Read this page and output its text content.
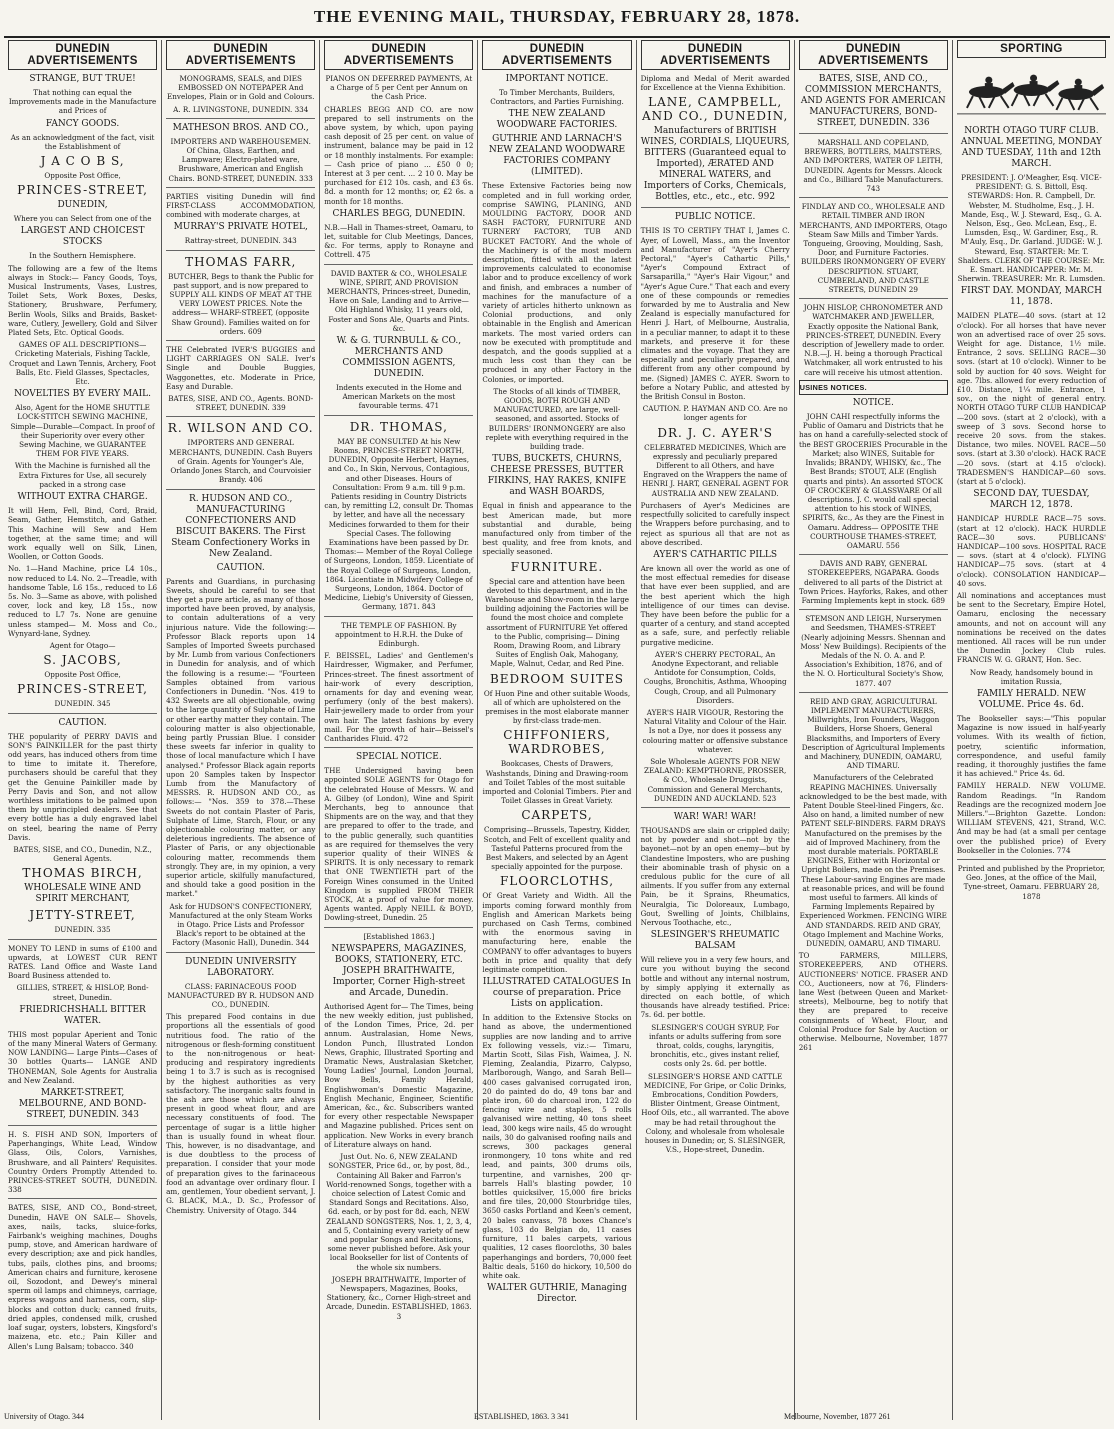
THE EVENING MAIL, THURSDAY, FEBRUARY 28, 1878.
DUNEDIN ADVERTISEMENTS
STRANGE, BUT TRUE!
That nothing can equal the Improvements made in the Manufacture and Prices of
FANCY GOODS.
As an acknowledgment of the fact, visit the Establishment of
J A C O B S,
Opposite Post Office,
PRINCES-STREET,
DUNEDIN,
Where you can Select from one of the
LARGEST AND CHOICEST STOCKS
In the Southern Hemisphere.
The following are a few of the Items always in Stock:— Fancy Goods, Toys, Musical Instruments, Vases, Lustres, Toilet Sets, Work Boxes, Desks, Stationery, Brushware, Perfumery, Berlin Wools, Silks and Braids, Basket-ware, Cutlery, Jewellery, Gold and Silver Plated Sets, Etc. Optical Goods.
GAMES OF ALL DESCRIPTIONS— Cricketing Materials, Fishing Tackle, Croquet and Lawn Tennis, Archery, Foot Balls, Etc. Field Glasses, Spectacles, Etc.
NOVELTIES BY EVERY MAIL.
Also, Agent for the HOME SHUTTLE LOCK-STITCH SEWING MACHINE, Simple—Durable—Compact. In proof of their Superiority over every other Sewing Machine, we GUARANTEE THEM FOR FIVE YEARS.
With the Machine is furnished all the Extra Fixtures for Use, all securely packed in a strong case
WITHOUT EXTRA CHARGE.
It will Hem, Fell, Bind, Cord, Braid, Seam, Gather, Hemstitch, and Gather. This Machine will Sew and Hem together, at the same time; and will work equally well on Silk, Linen, Woollen, or Cotton Goods.
No. 1—Hand Machine, price L4 10s., now reduced to L4. No. 2—Treadle, with handsome Table, L6 15s., reduced to L6 5s. No. 3—Same as above, with polished cover, lock and key, L8 15s., now reduced to L7 7s. None are genuine unless stamped— M. Moss and Co., Wynyard-lane, Sydney.
Agent for Otago—
S. JACOBS,
Opposite Post Office,
PRINCES-STREET,
DUNEDIN. 345
CAUTION.
THE popularity of PERRY DAVIS and SON'S PAINKILLER for the past thirty odd years, has induced others from time to time to imitate it. Therefore, purchasers should be careful that they get the Genuine Painkiller made by Perry Davis and Son, and not allow worthless imitations to be palmed upon them by unprincipled dealers. See that every bottle has a duly engraved label on steel, bearing the name of Perry Davis.
BATES, SISE, and CO., Dunedin, N.Z., General Agents.
THOMAS BIRCH,
WHOLESALE WINE AND SPIRIT MERCHANT,
JETTY-STREET,
DUNEDIN. 335
MONEY TO LEND in sums of £100 and upwards, at LOWEST CUR RENT RATES. Land Office and Waste Land Board Business attended to.
GILLIES, STREET, & HISLOP, Bond-street, Dunedin.
FRIEDRICHSHALL BITTER WATER.
THIS most popular Aperient and Tonic of the many Mineral Waters of Germany. NOW LANDING— Large Pints—Cases of 30 bottles Quarts— LANGE AND THONEMAN, Sole Agents for Australia and New Zealand.
MARKET-STREET, MELBOURNE, AND BOND-STREET, DUNEDIN. 343
H. S. FISH AND SON, Importers of Paperhangings, White Lead, Window Glass, Oils, Colors, Varnishes, Brushware, and all Painters' Requisites. Country Orders Promptly Attended to. PRINCES-STREET SOUTH, DUNEDIN. 338
BATES, SISE, AND CO., Bond-street, Dunedin, HAVE ON SALE— Shovels, axes, nails, tacks, sluice-forks, Fairbank's weighing machines, Doughs pump, stove, and American hardware of every description; axe and pick handles, tubs, pails, clothes pins, and brooms; American chairs and furniture, kerosene oil, Sozodont, and Dewey's mineral sperm oil lamps and chimneys, carriage, express wagons and harness, corn, slip-blocks and cotton duck; canned fruits, dried apples, condensed milk, crushed loaf sugar, oysters, lobsters, Kingsford's maizena, etc. etc.; Pain Killer and Allen's Lung Balsam; tobacco. 340
DUNEDIN ADVERTISEMENTS
MONOGRAMS, SEALS, and DIES EMBOSSED ON NOTEPAPER And Envelopes, Plain or in Gold and Colours.
A. R. LIVINGSTONE, DUNEDIN. 334
MATHESON BROS. AND CO.,
IMPORTERS AND WAREHOUSEMEN. Of China, Glass, Earthen, and Lampware; Electro-plated ware, Brushware, American and English Chairs. BOND-STREET, DUNEDIN. 333
PARTIES visiting Dunedin will find FIRST-CLASS ACCOMMODATION, combined with moderate charges, at
MURRAY'S PRIVATE HOTEL,
Rattray-street, DUNEDIN. 343
THOMAS FARR,
BUTCHER, Begs to thank the Public for past support, and is now prepared to SUPPLY ALL KINDS OF MEAT AT THE VERY LOWEST PRICES. Note the address— WHARF-STREET, (opposite Shaw Ground). Families waited on for orders. 609
THE Celebrated IVER'S BUGGIES and LIGHT CARRIAGES ON SALE. Iver's Single and Double Buggies, Waggonettes, etc. Moderate in Price, Easy and Durable.
BATES, SISE, AND CO., Agents. BOND-STREET, DUNEDIN. 339
R. WILSON AND CO.
IMPORTERS AND GENERAL MERCHANTS, DUNEDIN. Cash Buyers of Grain. Agents for Younger's Ale, Orlando Jones Starch, and Courvoisier Brandy. 406
R. HUDSON AND CO., MANUFACTURING CONFECTIONERS AND BISCUIT BAKERS. The First Steam Confectionery Works in New Zealand.
CAUTION.
Parents and Guardians, in purchasing Sweets, should be careful to see that they get a pure article, as many of those imported have been proved, by analysis, to contain adulterations of a very injurious nature. Vide the following:— Professor Black reports upon 14 Samples of Imported Sweets purchased by Mr. Lumb from various Confectioners in Dunedin for analysis, and of which the following is a resume:— "Fourteen Samples obtained from various Confectioners in Dunedin. "Nos. 419 to 432 Sweets are all objectionable, owing to the large quantity of Sulphate of Lime or other earthy matter they contain. The colouring matter is also objectionable, being partly Prussian Blue. I consider these sweets far inferior in quality to those of local manufacture which I have analysed." Professor Black again reports upon 20 Samples taken by Inspector Lumb from the Manufactory of MESSRS. R. HUDSON AND CO., as follows:— "Nos. 359 to 378.—These Sweets do not contain Plaster of Paris, Sulphate of Lime, Starch, Flour, or any objectionable colouring matter, or any deleterious ingredients. The absence of Plaster of Paris, or any objectionable colouring matter, recommends them strongly. They are, in my opinion, a very superior article, skilfully manufactured, and should take a good position in the market."
Ask for HUDSON'S CONFECTIONERY, Manufactured at the only Steam Works in Otago. Price Lists and Professor Black's report to be obtained at the Factory (Masonic Hall), Dunedin. 344
DUNEDIN UNIVERSITY LABORATORY.
CLASS: FARINACEOUS FOOD MANUFACTURED BY R. HUDSON AND CO., DUNEDIN.
This prepared Food contains in due proportions all the essentials of good nutritious food. The ratio of the nitrogenous or flesh-forming constituent to the non-nitrogenous or heat-producing and respiratory ingredients being 1 to 3.7 is such as is recognised by the highest authorities as very satisfactory. The inorganic salts found in the ash are those which are always present in good wheat flour, and are necessary constituents of food. The percentage of sugar is a little higher than is usually found in wheat flour. This, however, is no disadvantage, and is due doubtless to the process of preparation. I consider that your mode of preparation gives to the farinaceous food an advantage over ordinary flour. I am, gentlemen, Your obedient servant, J. G. BLACK, M.A., D. Sc., Professor of Chemistry. University of Otago. 344
DUNEDIN ADVERTISEMENTS
PIANOS ON DEFERRED PAYMENTS, At a Charge of 5 per Cent per Annum on the Cash Price.
CHARLES BEGG AND CO. are now prepared to sell instruments on the above system, by which, upon paying cash deposit of 25 per cent. on value of instrument, balance may be paid in 12 or 18 monthly instalments. For example:— Cash price of piano ... £50 0 0; Interest at 3 per cent. ... 2 10 0. May be purchased for £12 10s. cash, and £3 6s. 8d. a month for 12 months; or, £2 6s. a month for 18 months.
CHARLES BEGG, DUNEDIN.
N.B.—Hall in Thames-street, Oamaru, to let, suitable for Club Meetings, Dances, &c. For terms, apply to Ronayne and Cottrell. 475
DAVID BAXTER & CO., WHOLESALE WINE, SPIRIT, AND PROVISION MERCHANTS, Princes-street, Dunedin, Have on Sale, Landing and to Arrive— Old Highland Whisky, 11 years old, Foster and Sons Ale, Quarts and Pints. &c.
W. & G. TURNBULL & CO., MERCHANTS AND COMMISSION AGENTS, DUNEDIN.
Indents executed in the Home and American Markets on the most favourable terms. 471
DR. THOMAS,
MAY BE CONSULTED At his New Rooms, PRINCES-STREET NORTH, DUNEDIN, Opposite Herbert, Haynes, and Co., In Skin, Nervous, Contagious, and other Diseases. Hours of Consultation: From 9 a.m. till 9 p.m. Patients residing in Country Districts can, by remitting L2, consult Dr. Thomas by letter, and have all the necessary Medicines forwarded to them for their Special Cases. The following Examinations have been passed by Dr. Thomas:— Member of the Royal College of Surgeons, London, 1859. Licentiate of the Royal College of Surgeons, London, 1864. Licentiate in Midwifery College of Surgeons, London, 1864. Doctor of Medicine, Liebig's University of Giessen, Germany, 1871. 843
THE TEMPLE OF FASHION. By appointment to H.R.H. the Duke of Edinburgh.
F. BEISSEL, Ladies' and Gentlemen's Hairdresser, Wigmaker, and Perfumer, Princes-street. The finest assortment of hair-work of every description, ornaments for day and evening wear, perfumery (only of the best makers). Hair-jewellery made to order from your own hair. The latest fashions by every mail. For the growth of hair—Beissel's Cantharides Fluid. 472
SPECIAL NOTICE.
THE Undersigned having been appointed SOLE AGENTS for Otago for the celebrated House of Messrs. W. and A. Gilbey (of London), Wine and Spirit Merchants, beg to announce that Shipments are on the way, and that they are prepared to offer to the trade, and to the public generally, such quantities as are required for themselves the very superior quality of their WINES & SPIRITS. It is only necessary to remark that ONE TWENTIETH part of the Foreign Wines consumed in the United Kingdom is supplied FROM THEIR STOCK, At a proof of value for money. Agents wanted. Apply NEILL & BOYD, Dowling-street, Dunedin. 25
[Established 1863.]
NEWSPAPERS, MAGAZINES, BOOKS, STATIONERY, ETC. JOSEPH BRAITHWAITE, Importer, Corner High-street and Arcade, Dunedin.
Authorised Agent for— The Times, being the new weekly edition, just published, of the London Times, Price, 2d. per annum. Australasian, Home News, London Punch, Illustrated London News, Graphic, Illustrated Sporting and Dramatic News, Australasian Sketcher, Young Ladies' Journal, London Journal, Bow Bells, Family Herald, Englishwoman's Domestic Magazine, English Mechanic, Engineer, Scientific American, &c., &c. Subscribers wanted for every other respectable Newspaper and Magazine published. Prices sent on application. New Works in every branch of Literature always on hand.
Just Out. No. 6, NEW ZEALAND SONGSTER, Price 6d., or, by post, 8d., Containing All Baker and Farron's World-renowned Songs, together with a choice selection of Latest Comic and Standard Songs and Recitations. Also, 6d. each, or by post for 8d. each, NEW ZEALAND SONGSTERS, Nos. 1, 2, 3, 4, and 5, Containing every variety of new and popular Songs and Recitations, some never published before. Ask your local Bookseller for list of Contents of the whole six numbers.
JOSEPH BRAITHWAITE, Importer of Newspapers, Magazines, Books, Stationery, &c., Corner High-street and Arcade, Dunedin. ESTABLISHED, 1863. 3
DUNEDIN ADVERTISEMENTS
IMPORTANT NOTICE.
To Timber Merchants, Builders, Contractors, and Parties Furnishing.
THE NEW ZEALAND WOODWARE FACTORIES.
GUTHRIE AND LARNACH'S NEW ZEALAND WOODWARE FACTORIES COMPANY (LIMITED).
These Extensive Factories being now completed and in full working order, comprise SAWING, PLANING, AND MOULDING FACTORY, DOOR AND SASH FACTORY, FURNITURE AND TURNERY FACTORY, TUB AND BUCKET FACTORY. And the whole of the Machinery is of the most modern description, fitted with all the latest improvements calculated to economise labor and to produce excellency of work and finish, and embraces a number of machines for the manufacture of a variety of articles hitherto unknown as Colonial productions, and only obtainable in the English and American markets. The most varied orders can now be executed with promptitude and despatch, and the goods supplied at a much less cost than they can be produced in any other Factory in the Colonies, or imported.
The Stocks of all kinds of TIMBER, GOODS, BOTH ROUGH AND MANUFACTURED, are large, well-seasoned, and assorted. Stocks of BUILDERS' IRONMONGERY are also replete with everything required in the building trade.
TUBS, BUCKETS, CHURNS, CHEESE PRESSES, BUTTER FIRKINS, HAY RAKES, KNIFE and WASH BOARDS,
Equal in finish and appearance to the best American made, but more substantial and durable, being manufactured only from timber of the best quality, and free from knots, and specially seasoned.
FURNITURE.
Special care and attention have been devoted to this department, and in the Warehouse and Show-room in the large building adjoining the Factories will be found the most choice and complete assortment of FURNITURE Yet offered to the Public, comprising— Dining Room, Drawing Room, and Library Suites of English Oak, Mahogany, Maple, Walnut, Cedar, and Red Pine.
BEDROOM SUITES
Of Huon Pine and other suitable Woods, all of which are upholstered on the premises in the most elaborate manner by first-class trade-men.
CHIFFONIERS, WARDROBES,
Bookcases, Chests of Drawers, Washstands, Dining and Drawing-room and Toilet Tables of the most suitable imported and Colonial Timbers. Pier and Toilet Glasses in Great Variety.
CARPETS,
Comprising—Brussels, Tapestry, Kidder, Scotch, and Felt of excellent quality and Tasteful Patterns procured from the Best Makers, and selected by an Agent specially appointed for the purpose.
FLOORCLOTHS,
Of Great Variety and Width. All the imports coming forward monthly from English and American Markets being purchased on Cash Terms, combined with the enormous saving in manufacturing here, enable the COMPANY to offer advantages to buyers both in price and quality that defy legitimate competition.
ILLUSTRATED CATALOGUES In course of preparation. Price Lists on application.
In addition to the Extensive Stocks on hand as above, the undermentioned supplies are now landing and to arrive Ex following vessels, viz.:— Timaru, Martin Scott, Silas Fish, Waimea, J. N. Fleming, Zealandia, Pizarro, Calypso, Marlborough, Wango, and Sarah Bell— 400 cases galvanised corrugated iron, 20 do painted do do, 49 tons bar and plate iron, 60 do charcoal iron, 122 do fencing wire and staples, 5 rolls galvanised wire netting, 40 tons sheet lead, 300 kegs wire nails, 45 do wrought nails, 30 do galvanised roofing nails and screws, 300 packages general ironmongery, 10 tons white and red lead, and paints, 300 drums oils, turpentine, and varnishes, 200 qr-barrels Hall's blasting powder, 10 bottles quicksilver, 15,000 fire bricks and fire tiles, 20,000 Stourbridge tiles, 3650 casks Portland and Keen's cement, 20 bales canvass, 78 boxes Chance's glass, 103 do Belgian do, 11 cases furniture, 11 bales carpets, various qualities, 12 cases floorcloths, 30 bales paperhangings and borders, 70,000 feet Baltic deals, 5160 do hickory, 10,500 do white oak.
WALTER GUTHRIE, Managing Director.
DUNEDIN ADVERTISEMENTS
Diploma and Medal of Merit awarded for Excellence at the Vienna Exhibition.
LANE, CAMPBELL, AND CO., DUNEDIN,
Manufacturers of BRITISH WINES, CORDIALS, LIQUEURS, BITTERS (Guaranteed equal to Imported), ÆRATED AND MINERAL WATERS, and Importers of Corks, Chemicals, Bottles, etc., etc., etc. 992
PUBLIC NOTICE.
THIS IS TO CERTIFY THAT I, James C. Ayer, of Lowell, Mass., am the Inventor and Manufacturer of "Ayer's Cherry Pectoral," "Ayer's Cathartic Pills," "Ayer's Compound Extract of Sarsaparilla," "Ayer's Hair Vigour," and "Ayer's Ague Cure." That each and every one of these compounds or remedies forwarded by me to Australia and New Zealand is especially manufactured for Henri J. Hart, of Melbourne, Australia, in a peculiar manner, to adapt it to these markets, and preserve it for these climates and the voyage. That they are especially and peculiarly prepared, and different from any other compound by me. (Signed) JAMES C. AYER. Sworn to before a Notary Public, and attested by the British Consul in Boston.
CAUTION. P. HAYMAN AND CO. Are no longer agents for
DR. J. C. AYER'S
CELEBRATED MEDICINES, Which are expressly and peculiarly prepared Different to all Others, and have Engraved on the Wrappers the name of HENRI J. HART, GENERAL AGENT FOR AUSTRALIA AND NEW ZEALAND.
Purchasers of Ayer's Medicines are respectfully solicited to carefully inspect the Wrappers before purchasing, and to reject as spurious all that are not as above described.
AYER'S CATHARTIC PILLS
Are known all over the world as one of the most effectual remedies for disease that have ever been supplied, and are the best aperient which the high intelligence of our times can devise. They have been before the public for a quarter of a century, and stand accepted as a safe, sure, and perfectly reliable purgative medicine.
AYER'S CHERRY PECTORAL, An Anodyne Expectorant, and reliable Antidote for Consumption, Colds, Coughs, Bronchitis, Asthma, Whooping Cough, Croup, and all Pulmonary Disorders.
AYER'S HAIR VIGOUR, Restoring the Natural Vitality and Colour of the Hair. Is not a Dye, nor does it possess any colouring matter or offensive substance whatever.
Sole Wholesale AGENTS FOR NEW ZEALAND: KEMPTHORNE, PROSSER, & CO., Wholesale Druggists, Commission and General Merchants, DUNEDIN AND AUCKLAND. 523
WAR! WAR! WAR!
THOUSANDS are slain or crippled daily; not by powder and shot—not by the bayonet—not by an open enemy—but by Clandestine Imposters, who are pushing their abominable trash of physic on a credulous public for the cure of all ailments. If you suffer from any external Pain, be it Sprains, Rheumatics, Neuralgia, Tic Doloreaux, Lumbago, Gout, Swelling of Joints, Chilblains, Nervous Toothache, etc.,
SLESINGER'S RHEUMATIC BALSAM
Will relieve you in a very few hours, and cure you without buying the second bottle and without any internal nostrum, by simply applying it externally as directed on each bottle, of which thousands have already testified. Price: 7s. 6d. per bottle.
SLESINGER'S COUGH SYRUP, For infants or adults suffering from sore throat, colds, coughs, laryngitis, bronchitis, etc., gives instant relief, costs only 2s. 6d. per bottle.
SLESINGER'S HORSE AND CATTLE MEDICINE, For Gripe, or Colic Drinks, Embrocations, Condition Powders, Blister Ointment, Grease Ointment, Hoof Oils, etc., all warranted. The above may be had retail throughout the Colony, and wholesale from wholesale houses in Dunedin; or, S. SLESINGER, V.S., Hope-street, Dunedin.
DUNEDIN ADVERTISEMENTS
BATES, SISE, AND CO., COMMISSION MERCHANTS, AND AGENTS FOR AMERICAN MANUFACTURERS, BOND-STREET, DUNEDIN. 336
MARSHALL AND COPELAND, BREWERS, BOTTLERS, MALTSTERS, AND IMPORTERS, WATER OF LEITH, DUNEDIN. Agents for Messrs. Alcock and Co., Billiard Table Manufacturers. 743
FINDLAY AND CO., WHOLESALE AND RETAIL TIMBER AND IRON MERCHANTS, AND IMPORTERS, Otago Steam Saw Mills and Timber Yards. Tongueing, Grooving, Moulding, Sash, Door, and Furniture Factories. BUILDERS IRONMONGERY OF EVERY DESCRIPTION. STUART, CUMBERLAND, AND CASTLE STREETS, DUNEDIN 29
JOHN HISLOP, CHRONOMETER AND WATCHMAKER AND JEWELLER, Exactly opposite the National Bank, PRINCES-STREET, DUNEDIN. Every description of Jewellery made to order. N.B.—J. H. being a thorough Practical Watchmaker, all work entrusted to his care will receive his utmost attention.
USINES NOTICES.
NOTICE.
JOHN CAHI respectfully informs the Public of Oamaru and Districts that he has on hand a carefully-selected stock of the BEST GROCERIES Procurable in the Market; also WINES, Suitable for Invalids; BRANDY, WHISKY, &c., The Best Brands; STOUT, ALE (English quarts and pints). An assorted STOCK OF CROCKERY & GLASSWARE Of all descriptions. J. C. would call special attention to his stock of WINES, SPIRITS, &c., As they are the Finest in Oamaru. Address— OPPOSITE THE COURTHOUSE THAMES-STREET, OAMARU. 556
DAVIS AND RABY, GENERAL STOREKEEPERS, NGAPARA. Goods delivered to all parts of the District at Town Prices. Hayforks, Rakes, and other Farming Implements kept in stock. 689
STEMSON AND LEIGH, Nurserymen and Seedsmen, THAMES-STREET (Nearly adjoining Messrs. Shennan and Moss' New Buildings). Recipients of the Medals of the N. O. A. and P. Association's Exhibition, 1876, and of the N. O. Horticultural Society's Show, 1877. 407
REID AND GRAY, AGRICULTURAL IMPLEMENT MANUFACTURERS, Millwrights, Iron Founders, Waggon Builders, Horse Shoers, General Blacksmiths, and Importers of Every Description of Agricultural Implements and Machinery, DUNEDIN, OAMARU, AND TIMARU.
Manufacturers of the Celebrated REAPING MACHINES. Universally acknowledged to be the best made, with Patent Double Steel-lined Fingers, &c. Also on hand, a limited number of new PATENT SELF-BINDERS. FARM DRAYS Manufactured on the premises by the aid of Improved Machinery, from the most durable materials. PORTABLE ENGINES, Either with Horizontal or Upright Boilers, made on the Premises. These Labour-saving Engines are made at reasonable prices, and will be found most useful to farmers. All kinds of Farming Implements Repaired by Experienced Workmen. FENCING WIRE AND STANDARDS. REID AND GRAY, Otago Implement and Machine Works, DUNEDIN, OAMARU, AND TIMARU.
TO FARMERS, MILLERS, STOREKEEPERS, AND OTHERS. AUCTIONEERS' NOTICE. FRASER AND CO., Auctioneers, now at 76, Flinders-lane West (between Queen and Market-streets), Melbourne, beg to notify that they are prepared to receive consignments of Wheat, Flour, and Colonial Produce for Sale by Auction or otherwise. Melbourne, November, 1877 261
SPORTING
NORTH OTAGO TURF CLUB. ANNUAL MEETING, MONDAY AND TUESDAY, 11th and 12th MARCH.
PRESIDENT: J. O'Meagher, Esq. VICE-PRESIDENT: G. S. Bittoll, Esq. STEWARDS: Hon. R. Campbell, Dr. Webster, M. Studholme, Esq., J. H. Mande, Esq., W. J. Steward, Esq., G. A. Nelson, Esq., Geo. McLean, Esq., E. Lumsden, Esq., W. Gardiner, Esq., R. M'Auly, Esq., Dr. Garland. JUDGE: W. J. Steward, Esq. STARTER: Mr. T. Shalders. CLERK OF THE COURSE: Mr. E. Smart. HANDICAPPER: Mr. M. Sherwin. TREASURER: Mr. R. Lumsden.
FIRST DAY. MONDAY, MARCH 11, 1878.
MAIDEN PLATE—40 sovs. (start at 12 o'clock). For all horses that have never won an advertised race of over 25 sovs. Weight for age. Distance, 1½ mile. Entrance, 2 sovs. SELLING RACE—30 sovs. (start at 10 o'clock). Winner to be sold by auction for 40 sovs. Weight for age. 7lbs. allowed for every reduction of £10. Distance, 1¼ mile. Entrance, 1 sov., on the night of general entry. NORTH OTAGO TURF CLUB HANDICAP—200 sovs. (start at 2 o'clock), with a sweep of 3 sovs. Second horse to receive 20 sovs. from the stakes. Distance, two miles. NOVEL RACE—50 sovs. (start at 3.30 o'clock). HACK RACE—20 sovs. (start at 4.15 o'clock). TRADESMEN'S HANDICAP—60 sovs. (start at 5 o'clock).
SECOND DAY, TUESDAY, MARCH 12, 1878.
HANDICAP HURDLE RACE—75 sovs. (start at 12 o'clock). HACK HURDLE RACE—30 sovs. PUBLICANS' HANDICAP—100 sovs. HOSPITAL RACE— sovs. (start at 4 o'clock). FLYING HANDICAP—75 sovs. (start at 4 o'clock). CONSOLATION HANDICAP—40 sovs.
All nominations and acceptances must be sent to the Secretary, Empire Hotel, Oamaru, enclosing the necessary amounts, and not on account will any nominations be received on the dates mentioned. All races will be run under the Dunedin Jockey Club rules. FRANCIS W. G. GRANT, Hon. Sec.
Now Ready, handsomely bound in imitation Russia,
FAMILY HERALD. NEW VOLUME. Price 4s. 6d.
The Bookseller says:—"This popular Magazine is now issued in half-yearly volumes. With its wealth of fiction, poetry, scientific information, correspondence, and useful family reading, it thoroughly justifies the fame it has achieved." Price 4s. 6d.
FAMILY HERALD. NEW VOLUME. Random Readings. "In Random Readings are the recognized modern Joe Millers."—Brighton Gazette. London: WILLIAM STEVENS, 421, Strand, W.C. And may be had (at a small per centage over the published price) of Every Bookseller in the Colonies. 774
Printed and published by the Proprietor, Geo. Jones, at the office of the Mail, Tyne-street, Oamaru. FEBRUARY 28, 1878
University of Otago. 344	ESTABLISHED, 1863. 3 341	Melbourne, November, 1877 261
